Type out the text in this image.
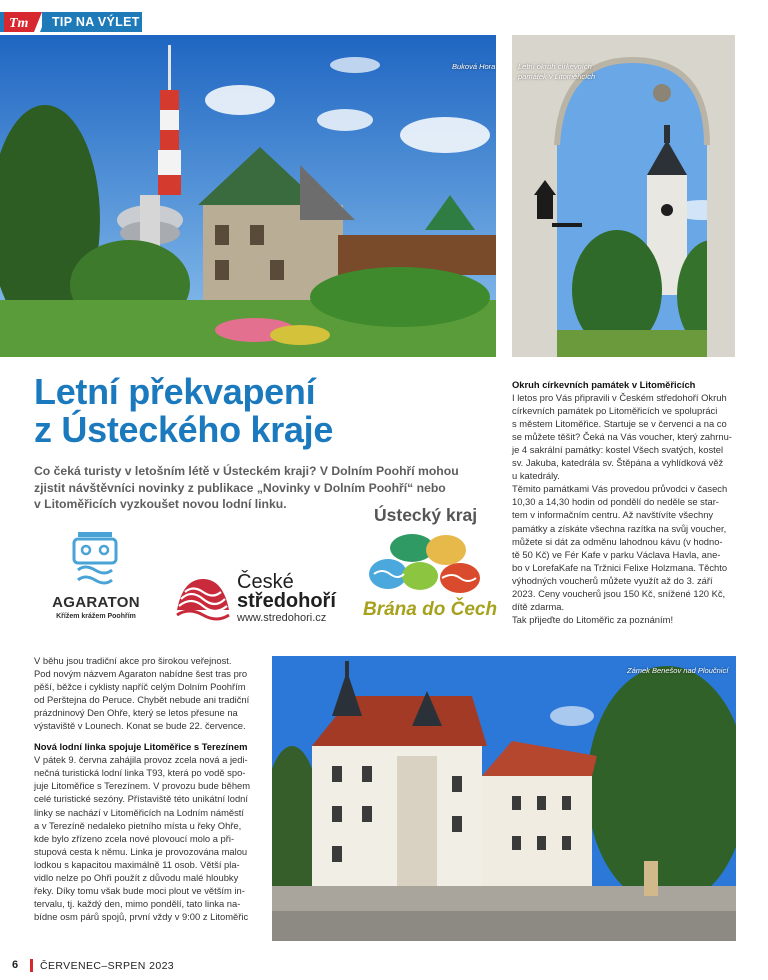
Tm TIP NA VÝLET
Buková Hora	Letní okruh církevních
památek v Litoměřicích
Letní překvapení
z Ústeckého kraje
Co čeká turisty v letošním létě v Ústeckém kraji? V Dolním Poohří mohou
zjistit návštěvníci novinky z publikace „Novinky v Dolním Poohří“ nebo
v Litoměřicích vyzkoušet novou lodní linku.
AGARATON
Křížem krážem Poohřím
České
středohoří
www.stredohori.cz
Ústecký kraj
Brána do Čech

Okruh církevních památek v Litoměřicích

I letos pro Vás připravili v Českém středohoří Okruh

církevních památek po Litoměřicích ve spolupráci

s městem Litoměřice. Startuje se v červenci a na co

se můžete těšit? Čeká na Vás voucher, který zahrnu-

je 4 sakrální památky: kostel Všech svatých, kostel

sv. Jakuba, katedrála sv. Štěpána a vyhlídková věž

u katedrály.

Těmito památkami Vás provedou průvodci v časech

10,30 a 14,30 hodin od pondělí do neděle se star-

tem v informačním centru. Až navštívíte všechny

památky a získáte všechna razítka na svůj voucher,

můžete si dát za odměnu lahodnou kávu (v hodno-

tě 50 Kč) ve Fér Kafe v parku Václava Havla, ane-

bo v LorefaKafe na Tržnici Felixe Holzmana. Těchto

výhodných voucherů můžete využít až do 3. září

2023. Ceny voucherů jsou 150 Kč, snížené 120 Kč,

dítě zdarma.

Tak přijeďte do Litoměřic za poznáním!

V běhu jsou tradiční akce pro širokou veřejnost.

Pod novým názvem Agaraton nabídne šest tras pro

pěší, běžce i cyklisty napříč celým Dolním Poohřím

od Perštejna do Peruce. Chybět nebude ani tradiční

prázdninový Den Ohře, který se letos přesune na

výstaviště v Lounech. Konat se bude 22. července.

Nová lodní linka spojuje Litoměřice s Terezínem

V pátek 9. června zahájila provoz zcela nová a jedi-

nečná turistická lodní linka T93, která po vodě spo-

juje Litoměřice s Terezínem. V provozu bude během

celé turistické sezóny. Přístaviště této unikátní lodní

linky se nachází v Litoměřicích na Lodním náměstí

a v Terezíně nedaleko pietního místa u řeky Ohře,

kde bylo zřízeno zcela nové plovoucí molo a při-

stupová cesta k němu. Linka je provozována malou

lodkou s kapacitou maximálně 11 osob. Větší pla-

vidlo nelze po Ohři použít z důvodu malé hloubky

řeky. Díky tomu však bude moci plout ve větším in-

tervalu, tj. každý den, mimo pondělí, tato linka na-

bídne osm párů spojů, první vždy v 9:00 z Litoměřic

Zámek Benešov nad Ploučnicí
6 ČERVENEC–SRPEN 2023
